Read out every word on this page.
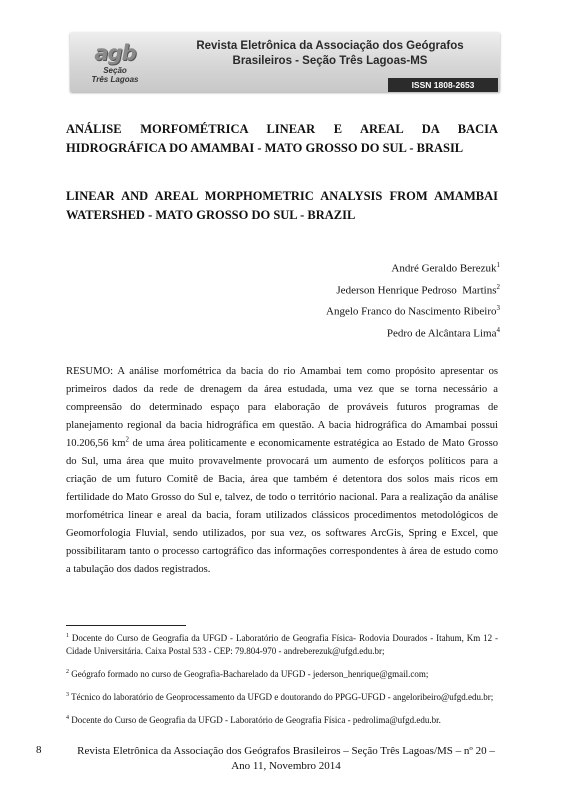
agb
Seção
Três Lagoas
Revista Eletrônica da Associação dos Geógrafos
Brasileiros - Seção Três Lagoas-MS
ISSN 1808-2653

ANÁLISE MORFOMÉTRICA LINEAR E AREAL DA BACIA HIDROGRÁFICA DO AMAMBAI - MATO GROSSO DO SUL - BRASIL

LINEAR AND AREAL MORPHOMETRIC ANALYSIS FROM AMAMBAI WATERSHED - MATO GROSSO DO SUL - BRAZIL

André Geraldo Berezuk$^1$
Jederson Henrique Pedroso  Martins$^2$
Angelo Franco do Nascimento Ribeiro$^3$
Pedro de Alcântara Lima$^4$

RESUMO: A análise morfométrica da bacia do rio Amambai tem como propósito apresentar os primeiros dados da rede de drenagem da área estudada, uma vez que se torna necessário a compreensão do determinado espaço para elaboração de prováveis futuros programas de planejamento regional da bacia hidrográfica em questão. A bacia hidrográfica do Amambai possui 10.206,56 $km^2$ de uma área politicamente e economicamente estratégica ao Estado de Mato Grosso do Sul, uma área que muito provavelmente provocará um aumento de esforços políticos para a criação de um futuro Comitê de Bacia, área que também é detentora dos solos mais ricos em fertilidade do Mato Grosso do Sul e, talvez, de todo o território nacional. Para a realização da análise morfométrica linear e areal da bacia, foram utilizados clássicos procedimentos metodológicos de Geomorfologia Fluvial, sendo utilizados, por sua vez, os softwares ArcGis, Spring e Excel, que possibilitaram tanto o processo cartográfico das informações correspondentes à área de estudo como a tabulação dos dados registrados.

$^1$ Docente do Curso de Geografia da UFGD - Laboratório de Geografia Física- Rodovia Dourados - Itahum, Km 12 - Cidade Universitária. Caixa Postal 533 - CEP: 79.804-970 - andreberezuk@ufgd.edu.br;

$^2$ Geógrafo formado no curso de Geografia-Bacharelado da UFGD - jederson_henrique@gmail.com;

$^3$ Técnico do laboratório de Geoprocessamento da UFGD e doutorando do PPGG-UFGD - angeloribeiro@ufgd.edu.br;

$^4$ Docente do Curso de Geografia da UFGD - Laboratório de Geografia Física - pedrolima@ufgd.edu.br.

8	Revista Eletrônica da Associação dos Geógrafos Brasileiros – Seção Três Lagoas/MS – nº 20 –
Ano 11, Novembro 2014
